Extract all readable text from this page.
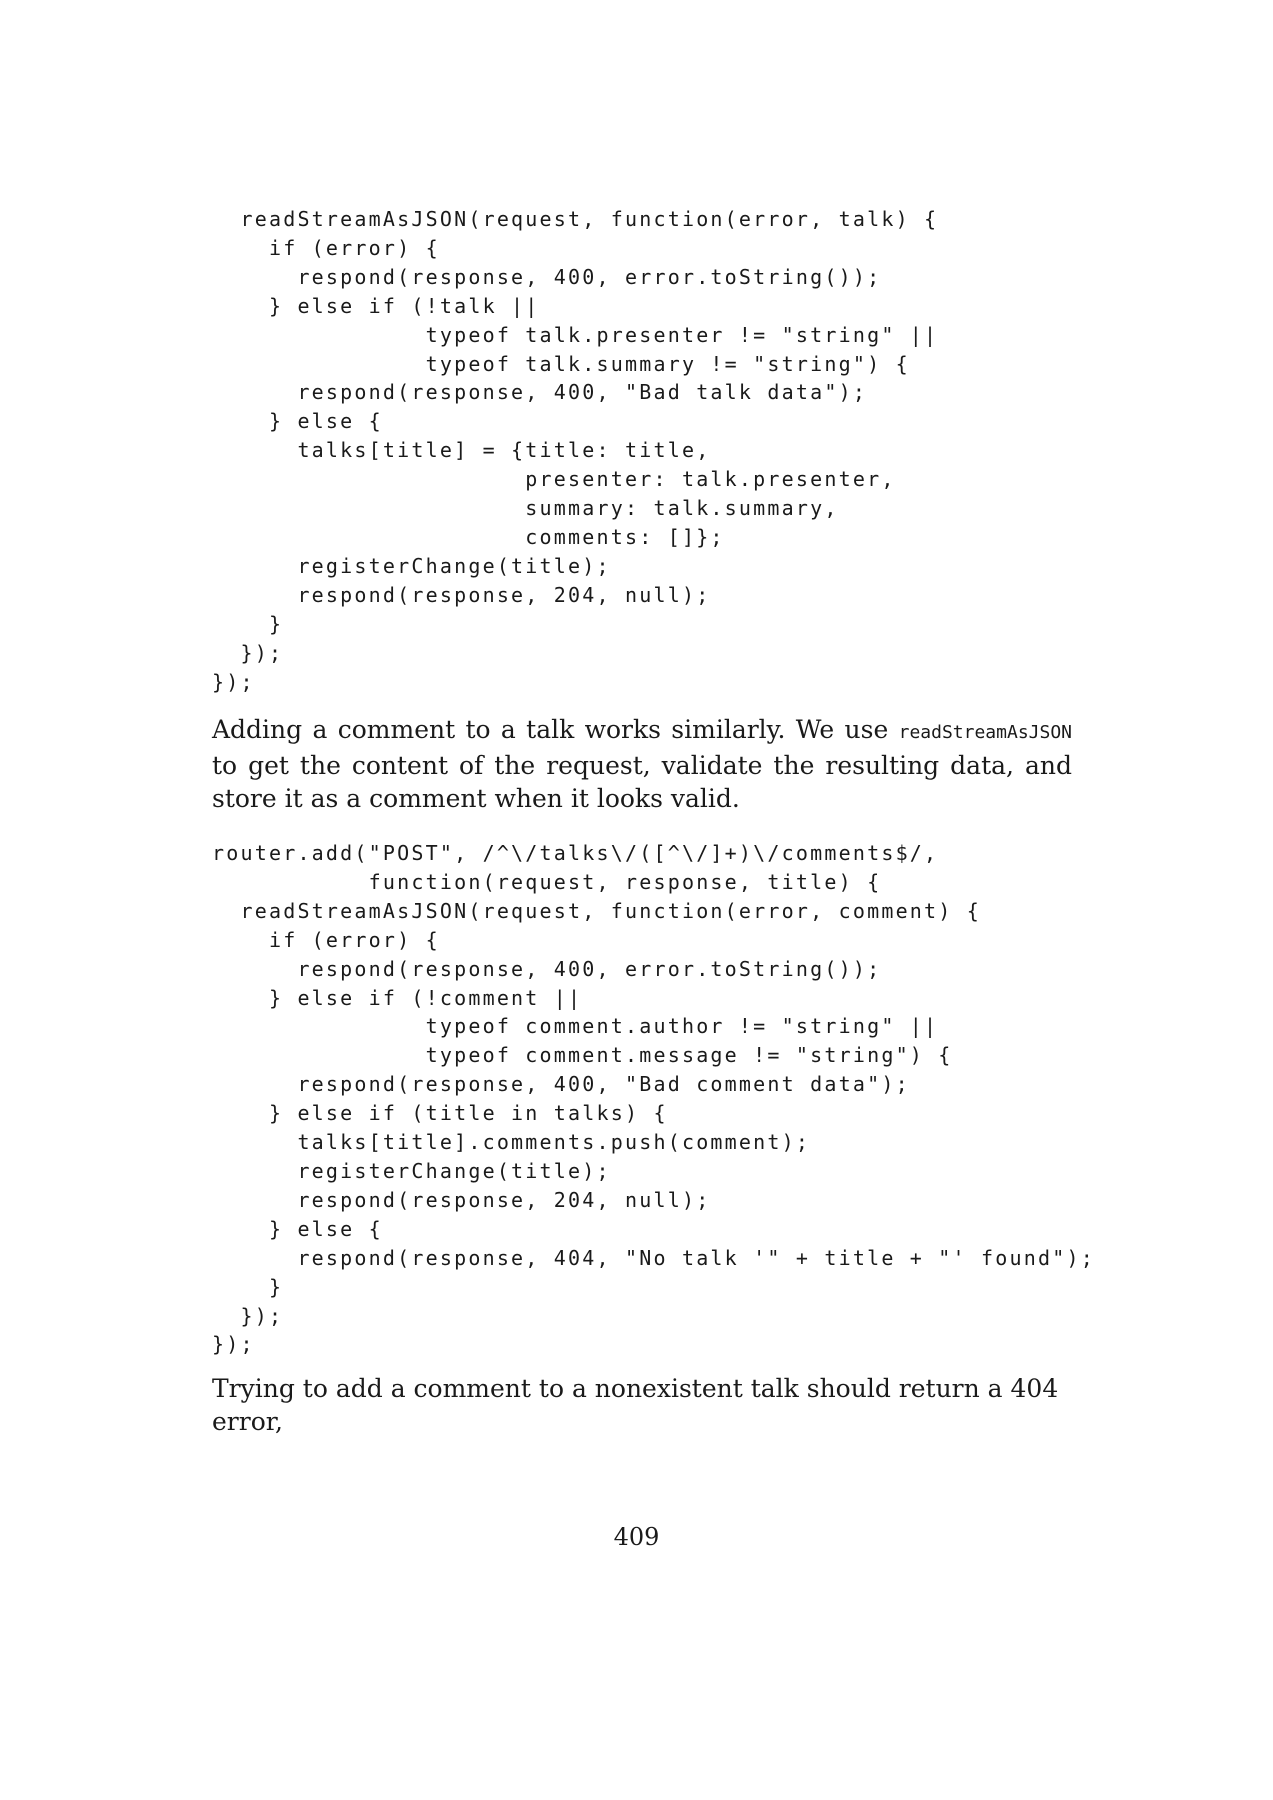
readStreamAsJSON(request, function(error, talk) {
if (error) {
respond(response, 400, error.toString());
} else if (!talk ||
typeof talk.presenter != "string" ||
typeof talk.summary != "string") {
respond(response, 400, "Bad talk data");
} else {
talks[title] = {title: title,
presenter: talk.presenter,
summary: talk.summary,
comments: []};
registerChange(title);
respond(response, 204, null);
}
});
});

Adding a comment to a talk works similarly. We use readStreamAsJSON to get the content of the request, validate the resulting data, and store it as a comment when it looks valid.

router.add("POST", /^\/talks\/([^\/]+)\/comments$/,
function(request, response, title) {
readStreamAsJSON(request, function(error, comment) {
if (error) {
respond(response, 400, error.toString());
} else if (!comment ||
typeof comment.author != "string" ||
typeof comment.message != "string") {
respond(response, 400, "Bad comment data");
} else if (title in talks) {
talks[title].comments.push(comment);
registerChange(title);
respond(response, 204, null);
} else {
respond(response, 404, "No talk '" + title + "' found");
}
});
});

Trying to add a comment to a nonexistent talk should return a 404 error,

409
